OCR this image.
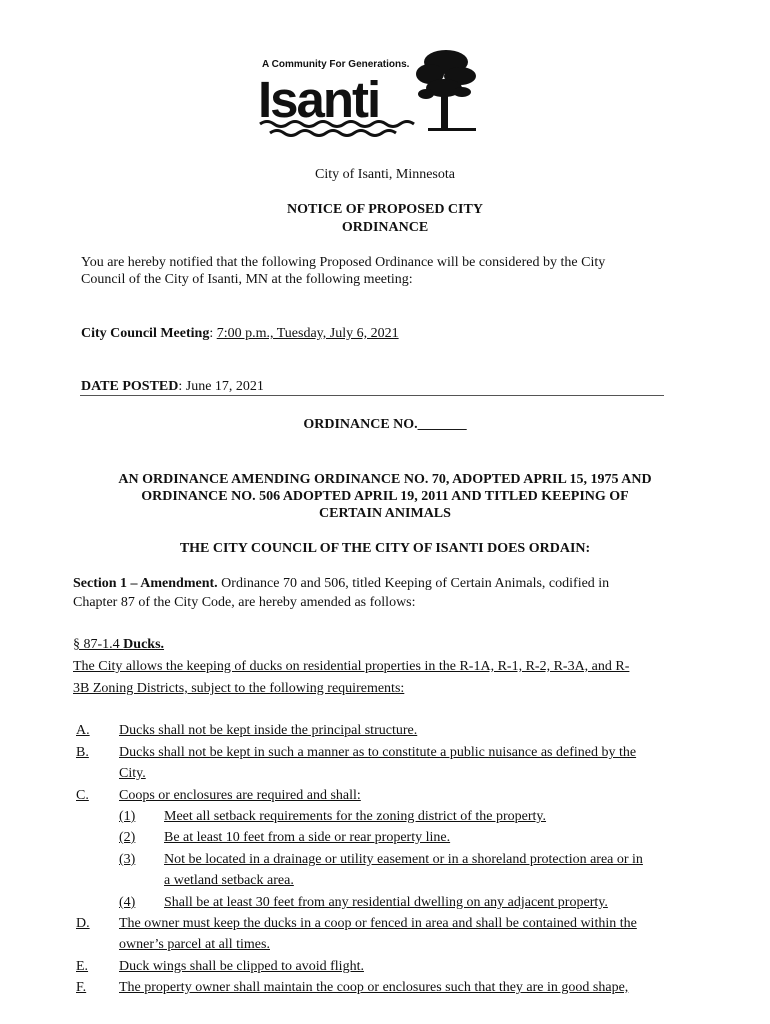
A Community For Generations.
Isanti
City of Isanti, Minnesota
NOTICE OF PROPOSED CITY
ORDINANCE
You are hereby notified that the following Proposed Ordinance will be considered by the City
Council of the City of Isanti, MN at the following meeting:
City Council Meeting: 7:00 p.m., Tuesday, July 6, 2021
DATE POSTED: June 17, 2021
ORDINANCE NO._______
AN ORDINANCE AMENDING ORDINANCE NO. 70, ADOPTED APRIL 15, 1975 AND
ORDINANCE NO. 506 ADOPTED APRIL 19, 2011 AND TITLED KEEPING OF
CERTAIN ANIMALS
THE CITY COUNCIL OF THE CITY OF ISANTI DOES ORDAIN:
Section 1 – Amendment. Ordinance 70 and 506, titled Keeping of Certain Animals, codified in
Chapter 87 of the City Code, are hereby amended as follows:
§ 87-1.4 Ducks.
The City allows the keeping of ducks on residential properties in the R-1A, R-1, R-2, R-3A, and R-
3B Zoning Districts, subject to the following requirements:
A. Ducks shall not be kept inside the principal structure.
B. Ducks shall not be kept in such a manner as to constitute a public nuisance as defined by the
City.
C. Coops or enclosures are required and shall:
(1) Meet all setback requirements for the zoning district of the property.
(2) Be at least 10 feet from a side or rear property line.
(3) Not be located in a drainage or utility easement or in a shoreland protection area or in
a wetland setback area.
(4) Shall be at least 30 feet from any residential dwelling on any adjacent property.
D. The owner must keep the ducks in a coop or fenced in area and shall be contained within the
owner’s parcel at all times.
E. Duck wings shall be clipped to avoid flight.
F. The property owner shall maintain the coop or enclosures such that they are in good shape,
